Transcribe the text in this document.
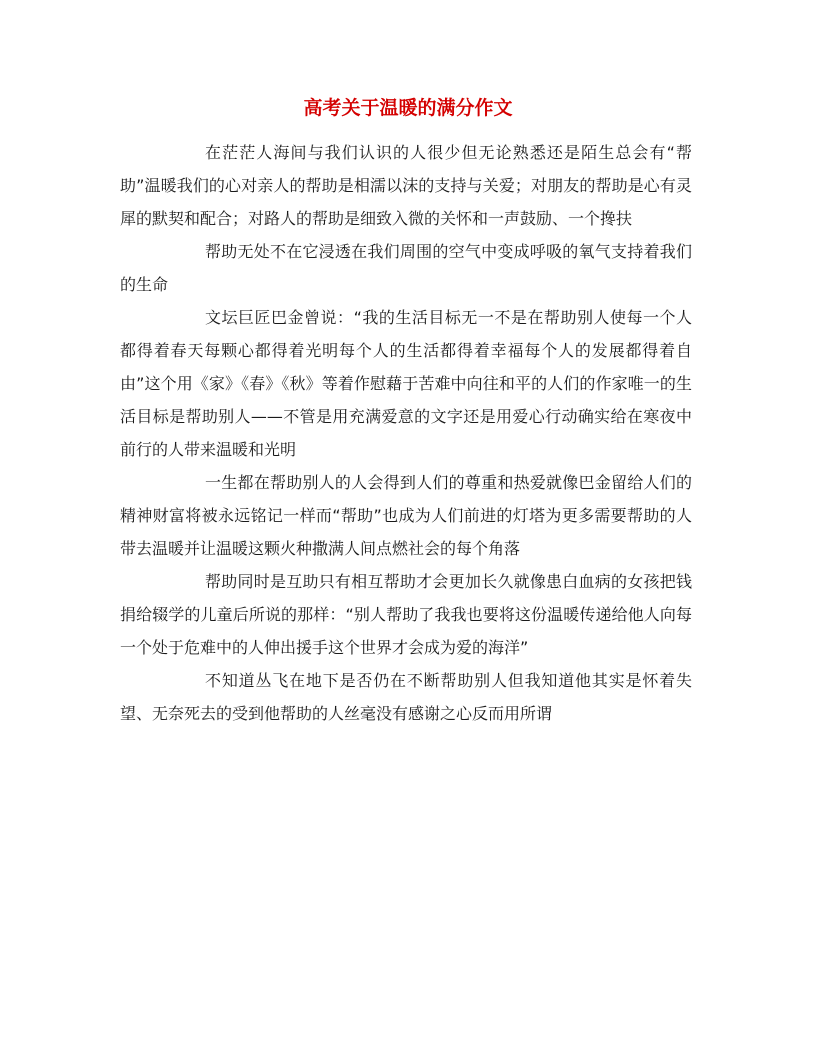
高考关于温暖的满分作文

在茫茫人海间与我们认识的人很少但无论熟悉还是陌生总会有“帮助”温暖我们的心对亲人的帮助是相濡以沫的支持与关爱；对朋友的帮助是心有灵犀的默契和配合；对路人的帮助是细致入微的关怀和一声鼓励、一个搀扶

帮助无处不在它浸透在我们周围的空气中变成呼吸的氧气支持着我们的生命

文坛巨匠巴金曾说：“我的生活目标无一不是在帮助别人使每一个人都得着春天每颗心都得着光明每个人的生活都得着幸福每个人的发展都得着自由”这个用《家》《春》《秋》等着作慰藉于苦难中向往和平的人们的作家唯一的生活目标是帮助别人——不管是用充满爱意的文字还是用爱心行动确实给在寒夜中前行的人带来温暖和光明

一生都在帮助别人的人会得到人们的尊重和热爱就像巴金留给人们的精神财富将被永远铭记一样而“帮助”也成为人们前进的灯塔为更多需要帮助的人带去温暖并让温暖这颗火种撒满人间点燃社会的每个角落

帮助同时是互助只有相互帮助才会更加长久就像患白血病的女孩把钱捐给辍学的儿童后所说的那样：“别人帮助了我我也要将这份温暖传递给他人向每一个处于危难中的人伸出援手这个世界才会成为爱的海洋”

不知道丛飞在地下是否仍在不断帮助别人但我知道他其实是怀着失望、无奈死去的受到他帮助的人丝毫没有感谢之心反而用所谓
